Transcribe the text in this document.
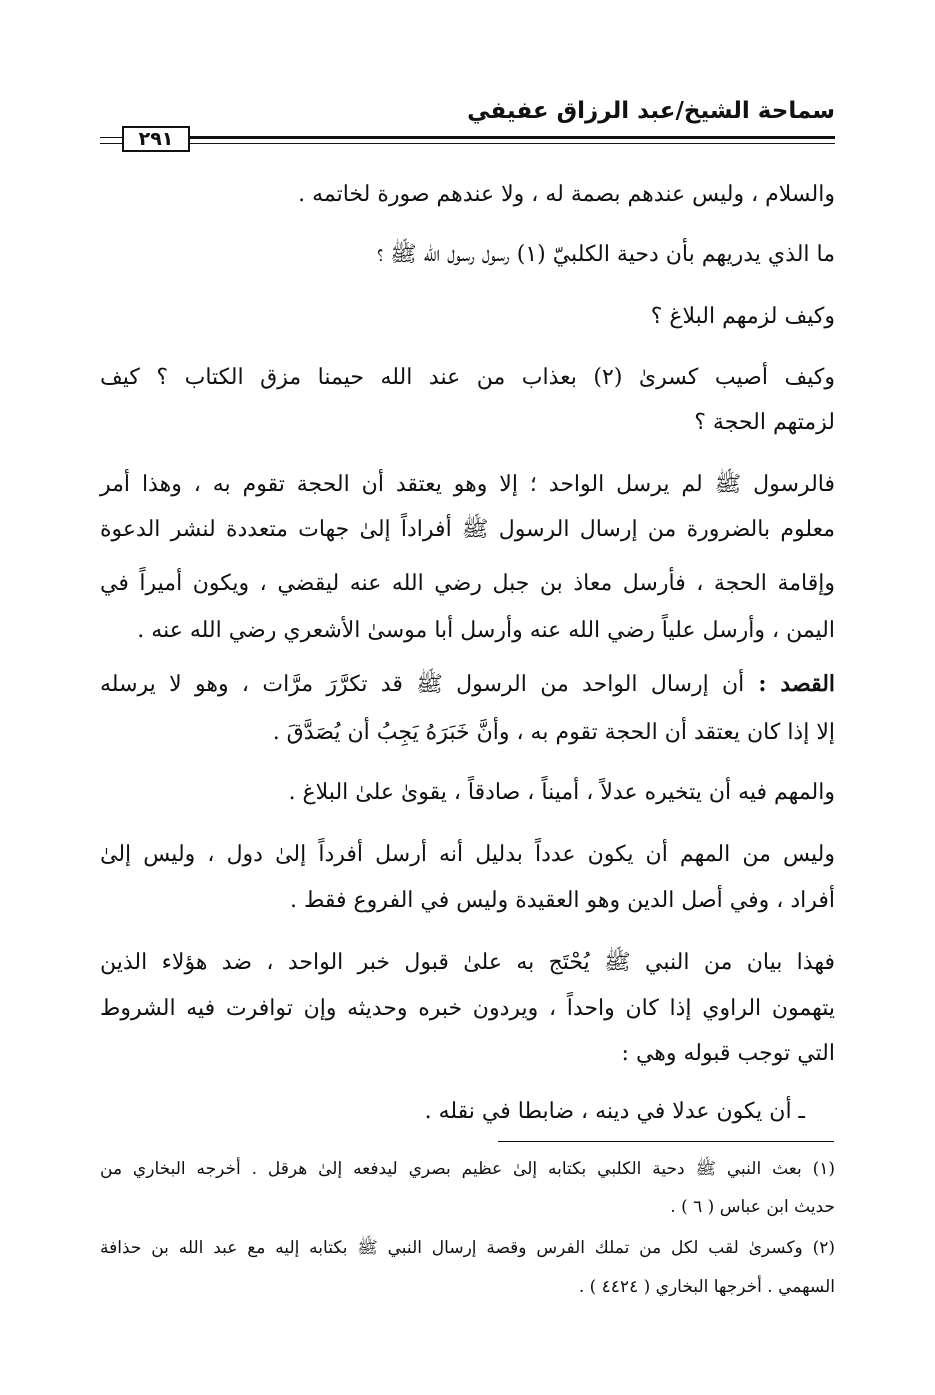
سماحة الشيخ/عبد الرزاق عفيفي
٢٩١
والسلام ، وليس عندهم بصمة له ، ولا عندهم صورة لخاتمه .
ما الذي يدريهم بأن دحية الكلبيّ (١) رسول رسول الله ﷺ ؟
وكيف لزمهم البلاغ ؟
وكيف أصيب كسرىٰ (٢) بعذاب من عند الله حيمنا مزق الكتاب ؟ كيف
لزمتهم الحجة ؟
فالرسول ﷺ لم يرسل الواحد ؛ إلا وهو يعتقد أن الحجة تقوم به ، وهذا أمر
معلوم بالضرورة من إرسال الرسول ﷺ أفراداً إلىٰ جهات متعددة لنشر الدعوة
وإقامة الحجة ، فأرسل معاذ بن جبل رضي الله عنه ليقضي ، ويكون أميراً في
اليمن ، وأرسل علياً رضي الله عنه وأرسل أبا موسىٰ الأشعري رضي الله عنه .
القصد : أن إرسال الواحد من الرسول ﷺ قد تكرَّرَ مرَّات ، وهو لا يرسله
إلا إذا كان يعتقد أن الحجة تقوم به ، وأنَّ خَبَرَهُ يَجِبُ أن يُصَدَّقَ .
والمهم فيه أن يتخيره عدلاً ، أميناً ، صادقاً ، يقوىٰ علىٰ البلاغ .
وليس من المهم أن يكون عدداً بدليل أنه أرسل أفرداً إلىٰ دول ، وليس إلىٰ
أفراد ، وفي أصل الدين وهو العقيدة وليس في الفروع فقط .
فهذا بيان من النبي ﷺ يُحْتَج به علىٰ قبول خبر الواحد ، ضد هؤلاء الذين
يتهمون الراوي إذا كان واحداً ، ويردون خبره وحديثه وإن توافرت فيه الشروط
التي توجب قبوله وهي :
ـ أن يكون عدلا في دينه ، ضابطا في نقله .
(١) بعث النبي ﷺ دحية الكلبي بكتابه إلىٰ عظيم بصري ليدفعه إلىٰ هرقل . أخرجه البخاري من
حديث ابن عباس ( ٦ ) .
(٢) وكسرىٰ لقب لكل من تملك الفرس وقصة إرسال النبي ﷺ بكتابه إليه مع عبد الله بن حذافة
السهمي . أخرجها البخاري ( ٤٤٢٤ ) .
